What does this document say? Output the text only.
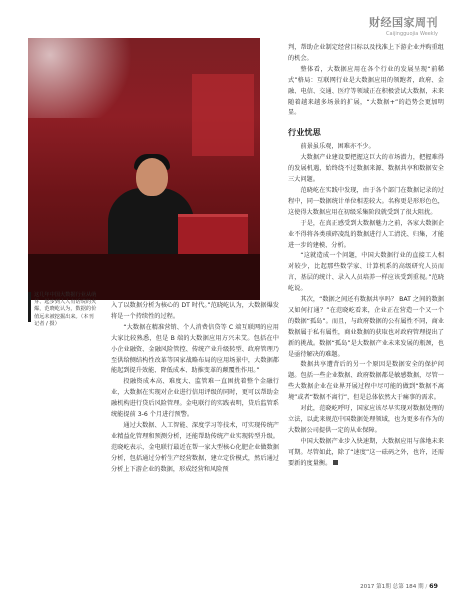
财经国家周刊
Caijingguojia Weekly
这几年中国大数据行业从萌芽、起步到人人有话说的火爆，范晓屹认为，数据的价值远未被挖掘出来。（本刊记者 / 摄）

入了以数据分析为核心的 DT 时代。”范晓屹认为，大数据爆发将是一个持续性的过程。

“大数据在精准营销、个人消费信贷等 C 端互联网的应用大家比较熟悉，但是 B 端的大数据应用方兴未艾。包括在中小企业融资、金融风险管控、传统产业升级转型、政府管理乃至供给侧结构性改革等国家战略布局的应用场景中，大数据都能起到提升效能、降低成本、助推变革的颠覆性作用。”

投融资成本高、难度大、监管难一直困扰着整个金融行业，大数据在实现对企业进行信用评级的同时，更可以帮助金融机构进行贷后风险管理。金电联行的实践表明，贷后监管系统能提前 3-6 个月进行预警。

通过大数据、人工智能、深度学习等技术，可实现传统产业精益化管理和预测分析，还能帮助传统产业实现转型升级。范晓屹表示，金电联行最近在帮一家大型核心化肥企业做数据分析，包括通过分析生产经营数据，建立定价模式，然后通过分析上下游企业的数据，形成经营和风险预

判，帮助企业制定经营目标以及找准上下游企业并购重组的机会。

整体看，大数据应用在各个行业的发展呈现“前稀式”格局：互联网行业是大数据应用的领跑者，政府、金融、电信、交通、医疗等领域正在积极尝试大数据，未来随着越来越多场景的扩展，“大数据+”的趋势会更加明显。

行业忧思

前景虽乐观，困难亦不少。

大数据产业建设要把握这巨大的市场潜力，把握难得的发展机遇，始终绕不过数据来源、数据共享和数据安全三大问题。

范晓屹在实践中发现，由于各个部门在数据记录的过程中，同一数据统计单位相差较大。名称更是形形色色，这使得大数据应用在初级采集阶段就受到了很大阻扰。

于是，在真正感受到大数据魅力之前，各家大数据企业不得将各类琐碎凌乱的数据进行人工清洗、归集，才能进一步的建模、分析。

“这就造成一个问题，中国大数据行业的直接工人相对较少，比起那些数学家、计算机系的高级研究人员而言，基层的统计、录入人员培养一样应该受到重视。”范晓屹说。

其次，“数据之间还有数据共享吗？ BAT 之间的数据又如何打通？”在范晓屹看来，企业正在营造一个又一个的数据“孤岛”。而且，与政府数据的公有属性不同，商业数据属于私有属性，商业数据的获取也对政府管理提出了新的挑战。数据“孤岛”是大数据产业未来发展的瓶颈，也是亟待解决的难题。

数据共享遭背后的另一个原因是数据安全的保护问题。包括一些企业数据、政府数据都是敏感数据，尽管一些大数据企业在业界开展过程中尽可能的做到“数据不离境”或者“数据不离行”，但是总体依然大于痛事的需求。

对此，范晓屹呼吁，国家应该尽早实现对数据处理的立法，以此来规范中国数据处理领域，也为更多有作为的大数据公司提供一定的从业保障。

中国大数据产业步入快速期，大数据应用与落地未来可期。尽管如此，除了“速度”这一砝码之外，也许，还需要新的度量衡。

2017 第1期 总第 184 期 / 69
